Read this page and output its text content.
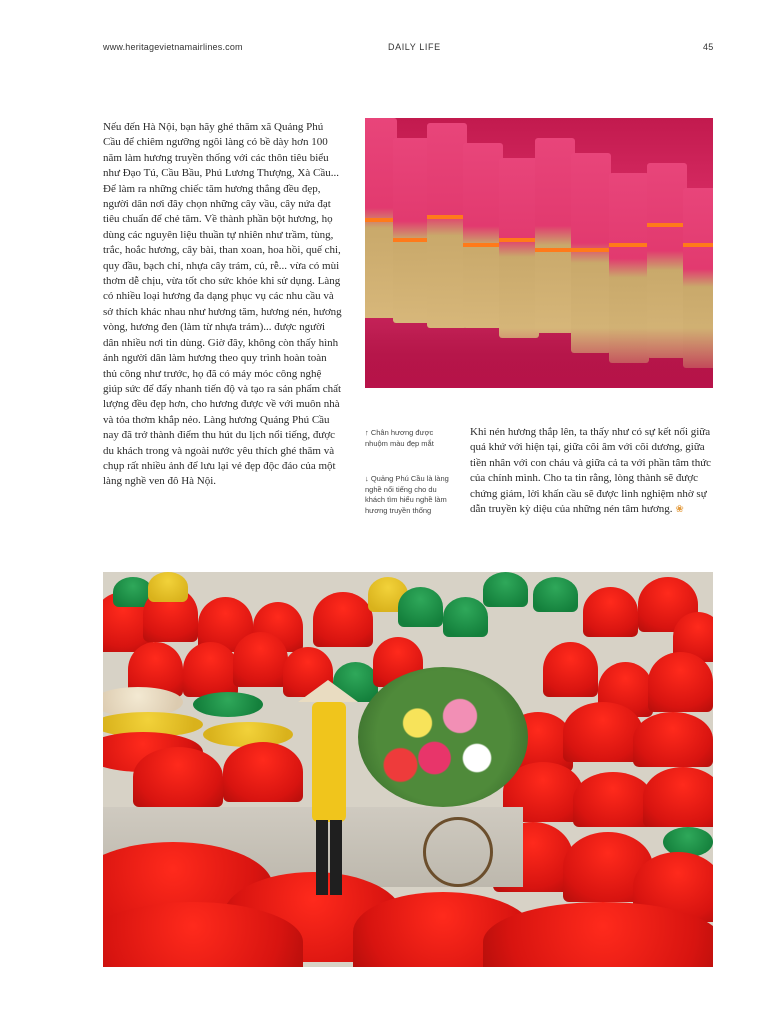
www.heritagevietnamairlines.com	DAILY LIFE	45

Nếu đến Hà Nội, bạn hãy ghé thăm xã Quảng Phú Cầu để chiêm ngưỡng ngôi làng có bề dày hơn 100 năm làm hương truyền thống với các thôn tiêu biểu như Đạo Tú, Cầu Bầu, Phú Lương Thượng, Xà Cầu... Để làm ra những chiếc tăm hương thẳng đều đẹp, người dân nơi đây chọn những cây vầu, cây nứa đạt tiêu chuẩn để chẻ tăm. Về thành phần bột hương, họ dùng các nguyên liệu thuần tự nhiên như trầm, tùng, trắc, hoắc hương, cây bài, than xoan, hoa hồi, quế chi, quy đầu, bạch chỉ, nhựa cây trám, củ, rễ... vừa có mùi thơm dễ chịu, vừa tốt cho sức khỏe khi sử dụng. Làng có nhiều loại hương đa dạng phục vụ các nhu cầu và sở thích khác nhau như hương tăm, hương nén, hương vòng, hương đen (làm từ nhựa trám)... được người dân nhiều nơi tin dùng. Giờ đây, không còn thấy hình ảnh người dân làm hương theo quy trình hoàn toàn thủ công như trước, họ đã có máy móc công nghệ giúp sức để đẩy nhanh tiến độ và tạo ra sản phẩm chất lượng đều đẹp hơn, cho hương được về với muôn nhà và tỏa thơm khắp nẻo. Làng hương Quảng Phú Cầu nay đã trở thành điểm thu hút du lịch nổi tiếng, được du khách trong và ngoài nước yêu thích ghé thăm và chụp rất nhiều ảnh để lưu lại vẻ đẹp độc đáo của một làng nghề ven đô Hà Nội.

↑ Chân hương được nhuộm màu đẹp mắt

↓ Quảng Phú Cầu là làng nghề nổi tiếng cho du khách tìm hiểu nghề làm hương truyền thống

Khi nén hương thắp lên, ta thấy như có sự kết nối giữa quá khứ với hiện tại, giữa cõi âm với cõi dương, giữa tiền nhân với con cháu và giữa cả ta với phần tâm thức của chính mình. Cho ta tin rằng, lòng thành sẽ được chứng giám, lời khấn cầu sẽ được linh nghiệm nhờ sự dẫn truyền kỳ diệu của những nén tâm hương. ❀
